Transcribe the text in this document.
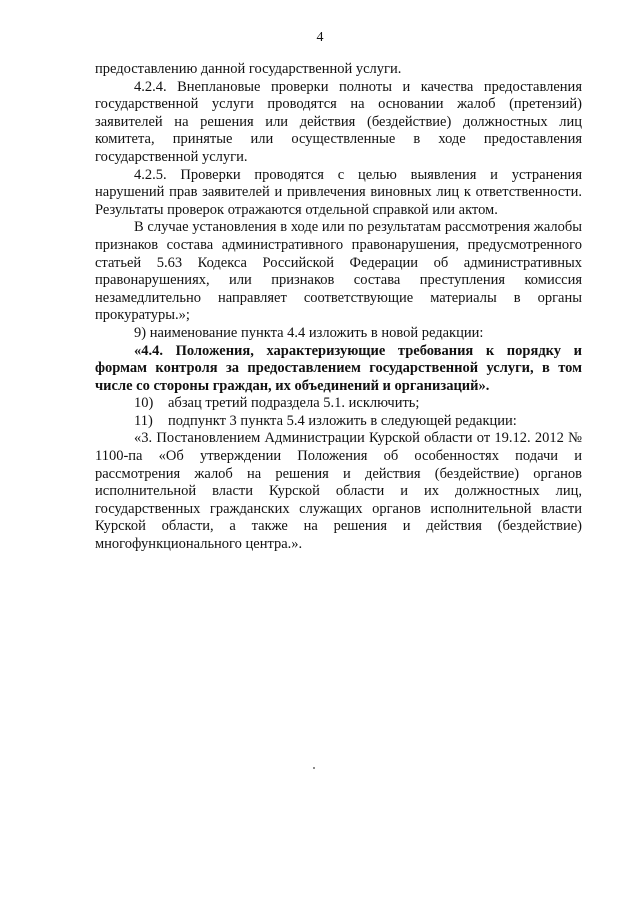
4

предоставлению данной государственной услуги.

4.2.4. Внеплановые проверки полноты и качества предоставления государственной услуги проводятся на основании жалоб (претензий) заявителей на решения или действия (бездействие) должностных лиц комитета, принятые или осуществленные в ходе предоставления государственной услуги.

4.2.5. Проверки проводятся с целью выявления и устранения нарушений прав заявителей и привлечения виновных лиц к ответственности. Результаты проверок отражаются отдельной справкой или актом.

В случае установления в ходе или по результатам рассмотрения жалобы признаков состава административного правонарушения, предусмотренного статьей 5.63 Кодекса Российской Федерации об административных правонарушениях, или признаков состава преступления комиссия незамедлительно направляет соответствующие материалы в органы прокуратуры.»;

9) наименование пункта 4.4 изложить в новой редакции:

«4.4. Положения, характеризующие требования к порядку и формам контроля за предоставлением государственной услуги, в том числе со стороны граждан, их объединений и организаций».

10) абзац третий подраздела 5.1. исключить;

11) подпункт 3 пункта 5.4 изложить в следующей редакции:

«3. Постановлением Администрации Курской области от 19.12. 2012 № 1100-па «Об утверждении Положения об особенностях подачи и рассмотрения жалоб на решения и действия (бездействие) органов исполнительной власти Курской области и их должностных лиц, государственных гражданских служащих органов исполнительной власти Курской области, а также на решения и действия (бездействие) многофункционального центра.».
